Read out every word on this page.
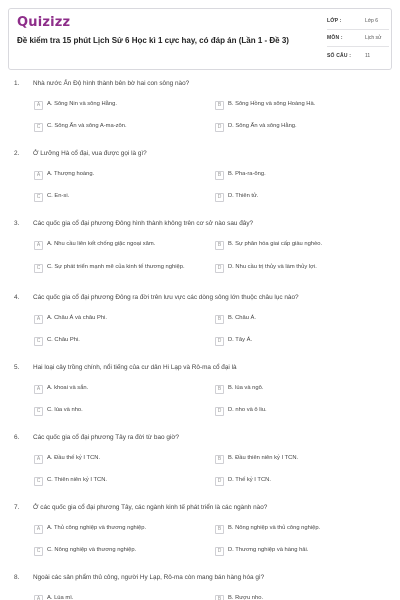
Quizizz
Đề kiểm tra 15 phút Lịch Sử 6 Học kì 1 cực hay, có đáp án (Lần 1 - Đề 3)
LỚP :	Lớp 6
MÔN :	Lịch sử
SỐ CÂU :	11
1.	Nhà nước Ấn Độ hình thành bên bờ hai con sông nào?
A	A. Sông Nin và sông Hằng.	B	B. Sông Hồng và sông Hoàng Hà.
C	C. Sông Ấn và sông A-ma-zôn.	D	D. Sông Ấn và sông Hằng.
2.	Ở Lưỡng Hà cổ đại, vua được gọi là gì?
A	A. Thượng hoàng.	B	B. Pha-ra-ông.
C	C. En-si.	D	D. Thiên tử.
3.	Các quốc gia cổ đại phương Đông hình thành không trên cơ sở nào sau đây?
A	A. Nhu cầu liên kết chống giặc ngoại xâm.	B	B. Sự phân hóa giai cấp giàu nghèo.
C	C. Sự phát triển mạnh mẽ của kinh tế thương nghiệp.	D	D. Nhu cầu trị thủy và làm thủy lợi.
4.	Các quốc gia cổ đại phương Đông ra đời trên lưu vực các dòng sông lớn thuộc châu lục nào?
A	A. Châu Á và châu Phi.	B	B. Châu Á.
C	C. Châu Phi.	D	D. Tây Á.
5.	Hai loại cây trồng chính, nổi tiếng của cư dân Hi Lạp và Rô-ma cổ đại là
A	A. khoai và sắn.	B	B. lúa và ngô.
C	C. lúa và nho.	D	D. nho và ô liu.
6.	Các quốc gia cổ đại phương Tây ra đời từ bao giờ?
A	A. Đầu thế kỷ I TCN.	B	B. Đầu thiên niên kỷ I TCN.
C	C. Thiên niên kỷ I TCN.	D	D. Thế kỷ I TCN.
7.	Ở các quốc gia cổ đại phương Tây, các ngành kinh tế phát triển là các ngành nào?
A	A. Thủ công nghiệp và thương nghiệp.	B	B. Nông nghiệp và thủ công nghiệp.
C	C. Nông nghiệp và thương nghiệp.	D	D. Thương nghiệp và hàng hải.
8.	Ngoài các sản phẩm thủ công, người Hy Lạp, Rô-ma còn mang bán hàng hóa gì?
A	A. Lúa mì.	B	B. Rượu nho.
